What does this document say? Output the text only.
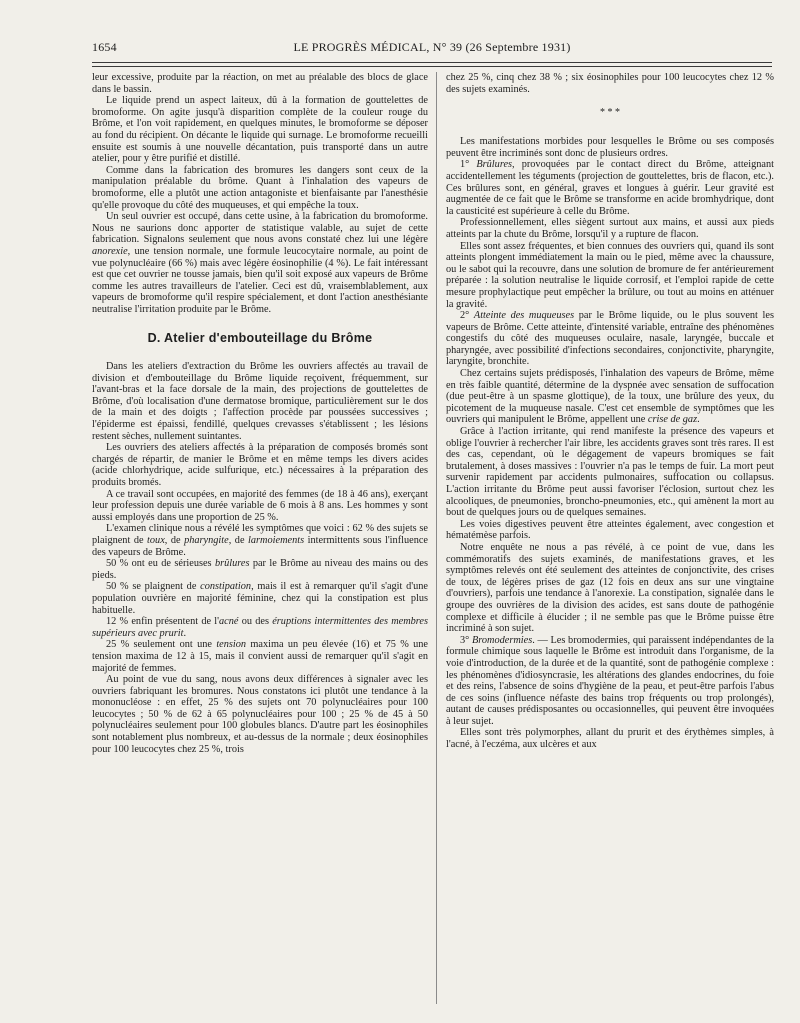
1654	LE PROGRÈS MÉDICAL, N° 39 (26 Septembre 1931)

leur excessive, produite par la réaction, on met au préalable des blocs de glace dans le bassin.

Le liquide prend un aspect laiteux, dû à la formation de gouttelettes de bromoforme. On agite jusqu'à disparition complète de la couleur rouge du Brôme, et l'on voit rapidement, en quelques minutes, le bromoforme se déposer au fond du récipient. On décante le liquide qui surnage. Le bromoforme recueilli ensuite est soumis à une nouvelle décantation, puis transporté dans un autre atelier, pour y être purifié et distillé.

Comme dans la fabrication des bromures les dangers sont ceux de la manipulation préalable du brôme. Quant à l'inhalation des vapeurs de bromoforme, elle a plutôt une action antagoniste et bienfaisante par l'anesthésie qu'elle provoque du côté des muqueuses, et qui empêche la toux.

Un seul ouvrier est occupé, dans cette usine, à la fabrication du bromoforme. Nous ne saurions donc apporter de statistique valable, au sujet de cette fabrication. Signalons seulement que nous avons constaté chez lui une légère anorexie, une tension normale, une formule leucocytaire normale, au point de vue polynucléaire (66 %) mais avec légère éosinophilie (4 %). Le fait intéressant est que cet ouvrier ne tousse jamais, bien qu'il soit exposé aux vapeurs de Brôme comme les autres travailleurs de l'atelier. Ceci est dû, vraisemblablement, aux vapeurs de bromoforme qu'il respire spécialement, et dont l'action anesthésiante neutralise l'irritation produite par le Brôme.

D. Atelier d'embouteillage du Brôme

Dans les ateliers d'extraction du Brôme les ouvriers affectés au travail de division et d'embouteillage du Brôme liquide reçoivent, fréquemment, sur l'avant-bras et la face dorsale de la main, des projections de gouttelettes de Brôme, d'où localisation d'une dermatose bromique, particulièrement sur le dos de la main et des doigts ; l'affection procède par poussées successives ; l'épiderme est épaissi, fendillé, quelques crevasses s'établissent ; les lésions restent sèches, nullement suintantes.

Les ouvriers des ateliers affectés à la préparation de composés bromés sont chargés de répartir, de manier le Brôme et en même temps les divers acides (acide chlorhydrique, acide sulfurique, etc.) nécessaires à la préparation des produits bromés.

A ce travail sont occupées, en majorité des femmes (de 18 à 46 ans), exerçant leur profession depuis une durée variable de 6 mois à 8 ans. Les hommes y sont aussi employés dans une proportion de 25 %.

L'examen clinique nous a révélé les symptômes que voici : 62 % des sujets se plaignent de toux, de pharyngite, de larmoiements intermittents sous l'influence des vapeurs de Brôme.

50 % ont eu de sérieuses brûlures par le Brôme au niveau des mains ou des pieds.

50 % se plaignent de constipation, mais il est à remarquer qu'il s'agit d'une population ouvrière en majorité féminine, chez qui la constipation est plus habituelle.

12 % enfin présentent de l'acné ou des éruptions intermittentes des membres supérieurs avec prurit.

25 % seulement ont une tension maxima un peu élevée (16) et 75 % une tension maxima de 12 à 15, mais il convient aussi de remarquer qu'il s'agit en majorité de femmes.

Au point de vue du sang, nous avons deux différences à signaler avec les ouvriers fabriquant les bromures. Nous constatons ici plutôt une tendance à la mononucléose : en effet, 25 % des sujets ont 70 polynucléaires pour 100 leucocytes ; 50 % de 62 à 65 polynucléaires pour 100 ; 25 % de 45 à 50 polynucléaires seulement pour 100 globules blancs. D'autre part les éosinophiles sont notablement plus nombreux, et au-dessus de la normale ; deux éosinophiles pour 100 leucocytes chez 25 %, trois

chez 25 %, cinq chez 38 % ; six éosinophiles pour 100 leucocytes chez 12 % des sujets examinés.

* * *

Les manifestations morbides pour lesquelles le Brôme ou ses composés peuvent être incriminés sont donc de plusieurs ordres.

1° Brûlures, provoquées par le contact direct du Brôme, atteignant accidentellement les téguments (projection de gouttelettes, bris de flacon, etc.). Ces brûlures sont, en général, graves et longues à guérir. Leur gravité est augmentée de ce fait que le Brôme se transforme en acide bromhydrique, dont la causticité est supérieure à celle du Brôme.

Professionnellement, elles siègent surtout aux mains, et aussi aux pieds atteints par la chute du Brôme, lorsqu'il y a rupture de flacon.

Elles sont assez fréquentes, et bien connues des ouvriers qui, quand ils sont atteints plongent immédiatement la main ou le pied, même avec la chaussure, ou le sabot qui la recouvre, dans une solution de bromure de fer antérieurement préparée : la solution neutralise le liquide corrosif, et l'emploi rapide de cette mesure prophylactique peut empêcher la brûlure, ou tout au moins en atténuer la gravité.

2° Atteinte des muqueuses par le Brôme liquide, ou le plus souvent les vapeurs de Brôme. Cette atteinte, d'intensité variable, entraîne des phénomènes congestifs du côté des muqueuses oculaire, nasale, laryngée, buccale et pharyngée, avec possibilité d'infections secondaires, conjonctivite, pharyngite, laryngite, bronchite.

Chez certains sujets prédisposés, l'inhalation des vapeurs de Brôme, même en très faible quantité, détermine de la dyspnée avec sensation de suffocation (due peut-être à un spasme glottique), de la toux, une brûlure des yeux, du picotement de la muqueuse nasale. C'est cet ensemble de symptômes que les ouvriers qui manipulent le Brôme, appellent une crise de gaz.

Grâce à l'action irritante, qui rend manifeste la présence des vapeurs et oblige l'ouvrier à rechercher l'air libre, les accidents graves sont très rares. Il est des cas, cependant, où le dégagement de vapeurs bromiques se fait brutalement, à doses massives : l'ouvrier n'a pas le temps de fuir. La mort peut survenir rapidement par accidents pulmonaires, suffocation ou collapsus. L'action irritante du Brôme peut aussi favoriser l'éclosion, surtout chez les alcooliques, de pneumonies, broncho-pneumonies, etc., qui amènent la mort au bout de quelques jours ou de quelques semaines.

Les voies digestives peuvent être atteintes également, avec congestion et hématémèse parfois.

Notre enquête ne nous a pas révélé, à ce point de vue, dans les commémoratifs des sujets examinés, de manifestations graves, et les symptômes relevés ont été seulement des atteintes de conjonctivite, des crises de toux, de légères prises de gaz (12 fois en deux ans sur une vingtaine d'ouvriers), parfois une tendance à l'anorexie. La constipation, signalée dans le groupe des ouvrières de la division des acides, est sans doute de pathogénie complexe et difficile à élucider ; il ne semble pas que le Brôme puisse être incriminé à son sujet.

3° Bromodermies. — Les bromodermies, qui paraissent indépendantes de la formule chimique sous laquelle le Brôme est introduit dans l'organisme, de la voie d'introduction, de la durée et de la quantité, sont de pathogénie complexe : les phénomènes d'idiosyncrasie, les altérations des glandes endocrines, du foie et des reins, l'absence de soins d'hygiène de la peau, et peut-être parfois l'abus de ces soins (influence néfaste des bains trop fréquents ou trop prolongés), autant de causes prédisposantes ou occasionnelles, qui peuvent être invoquées à leur sujet.

Elles sont très polymorphes, allant du prurit et des érythèmes simples, à l'acné, à l'eczéma, aux ulcères et aux
